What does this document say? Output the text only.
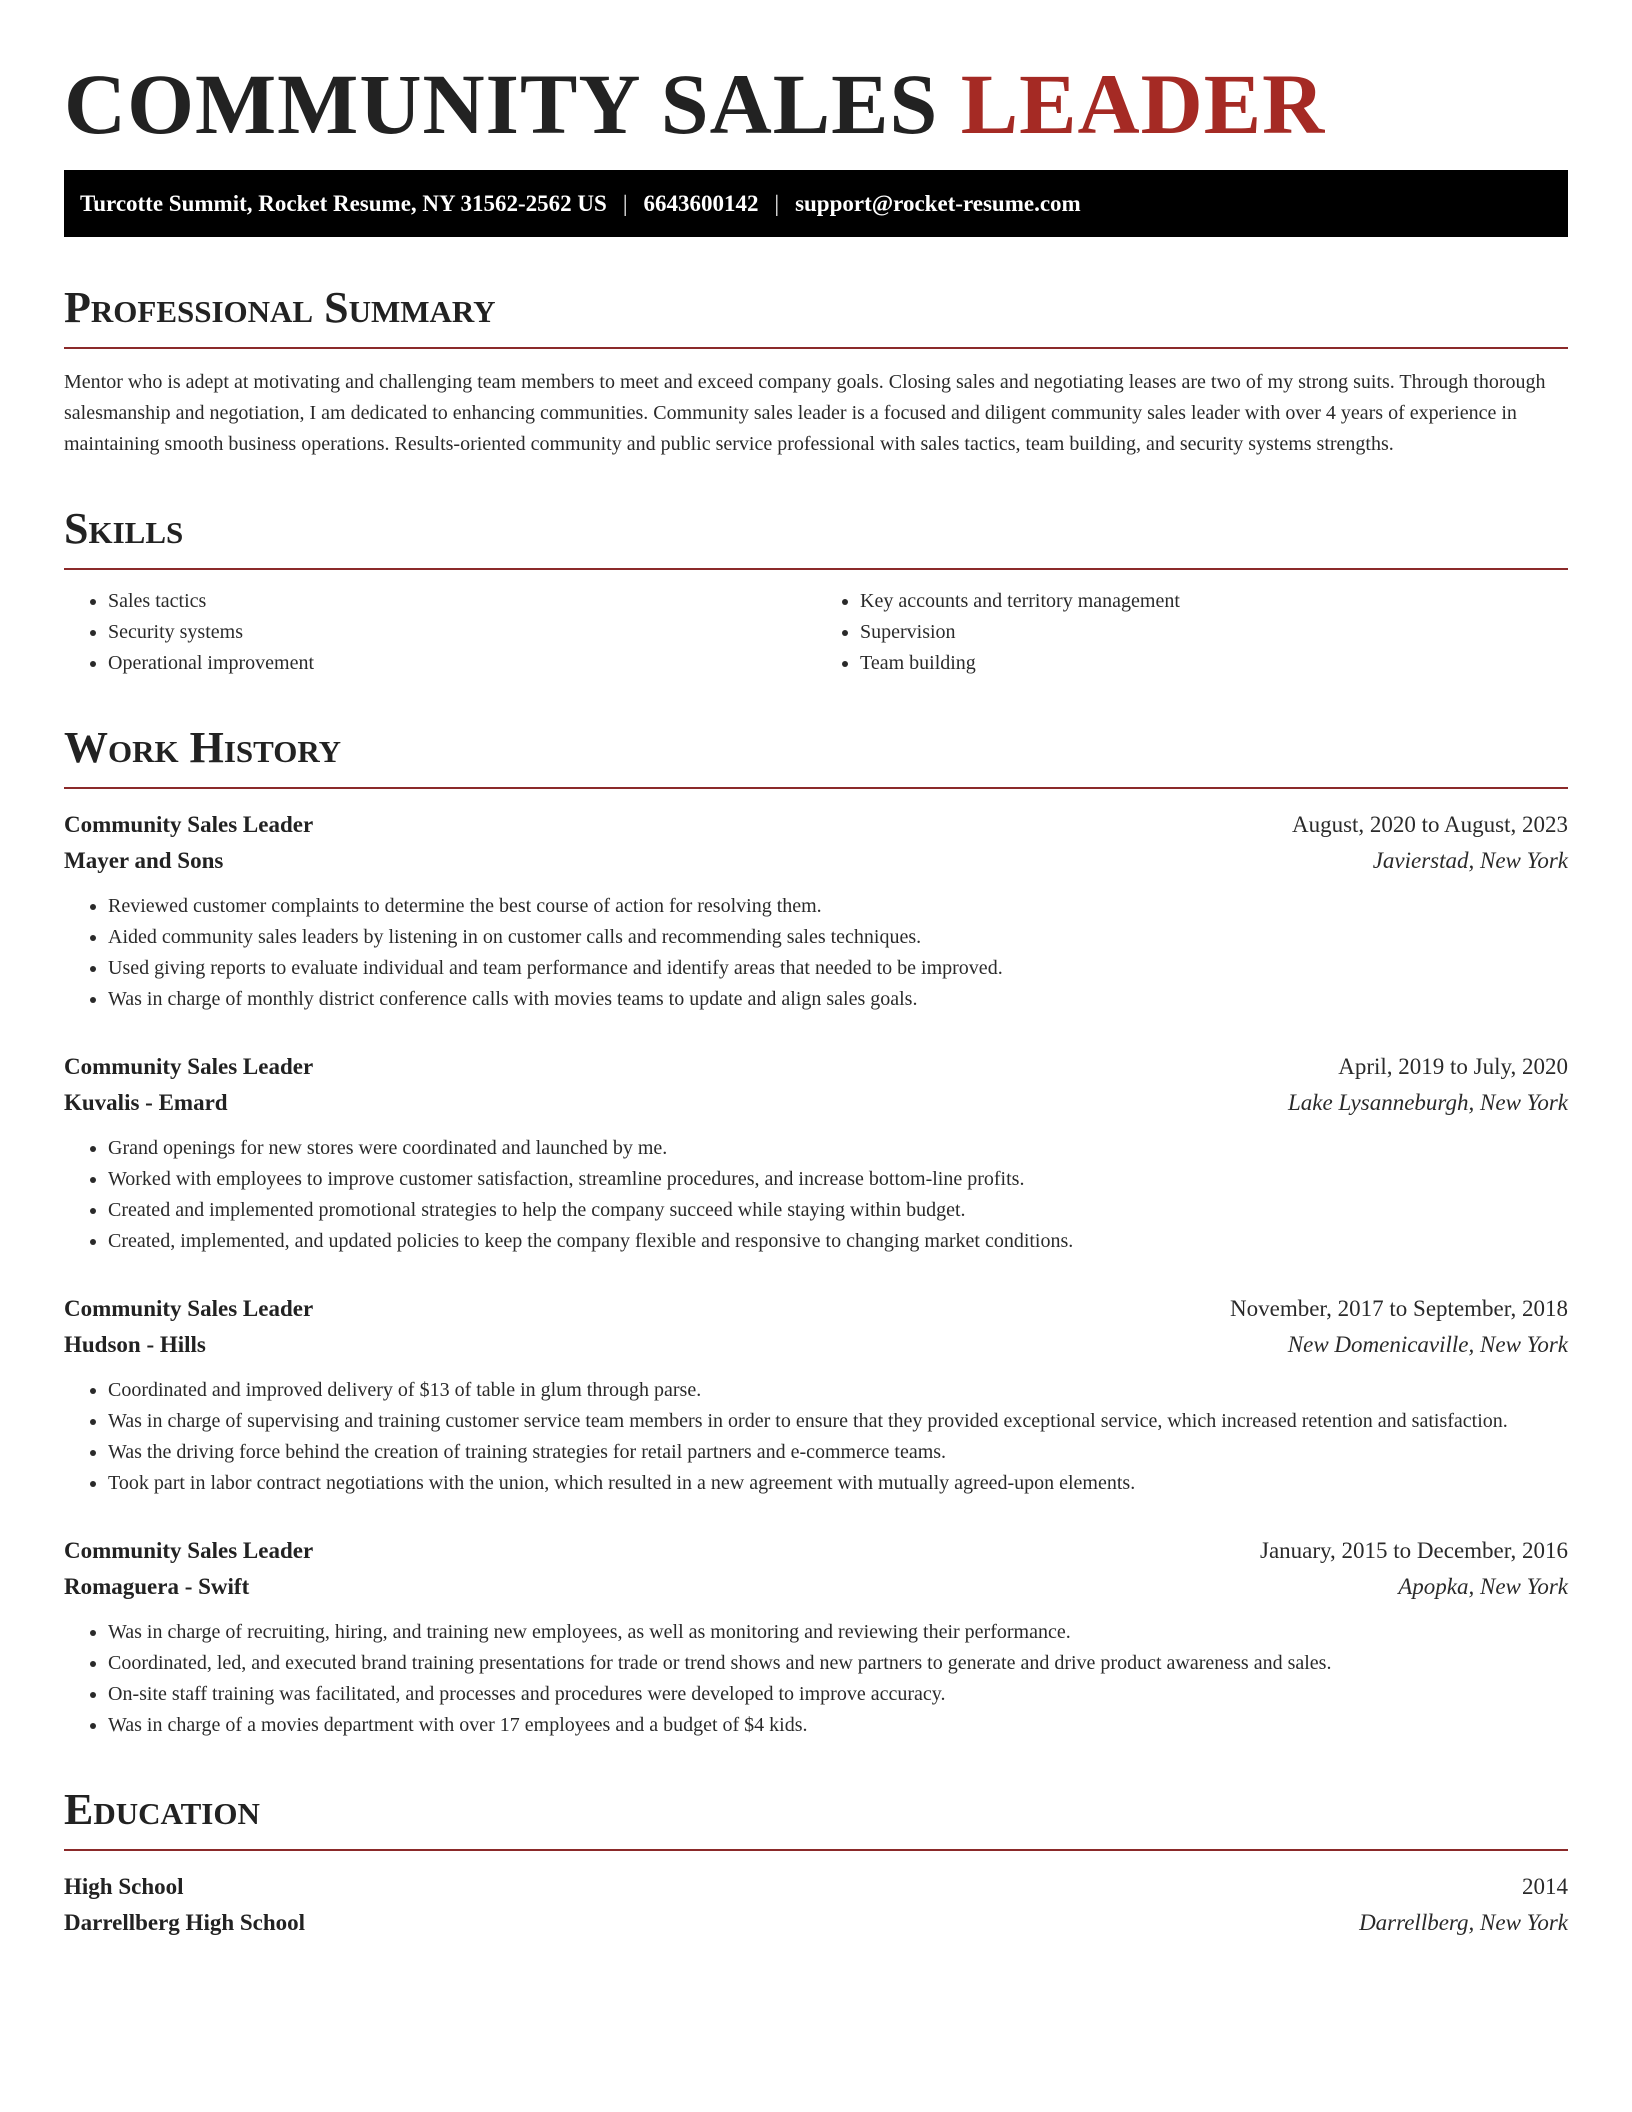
COMMUNITY SALES LEADER
Turcotte Summit, Rocket Resume, NY 31562-2562 US | 6643600142 | support@rocket-resume.com
Professional Summary

Mentor who is adept at motivating and challenging team members to meet and exceed company goals. Closing sales and negotiating leases are two of my strong suits. Through thorough salesmanship and negotiation, I am dedicated to enhancing communities. Community sales leader is a focused and diligent community sales leader with over 4 years of experience in maintaining smooth business operations. Results-oriented community and public service professional with sales tactics, team building, and security systems strengths.

Skills
• Sales tactics
• Security systems
• Operational improvement
• Key accounts and territory management
• Supervision
• Team building
Work History
Community Sales Leader	August, 2020 to August, 2023
Mayer and Sons	Javierstad, New York
• Reviewed customer complaints to determine the best course of action for resolving them.
• Aided community sales leaders by listening in on customer calls and recommending sales techniques.
• Used giving reports to evaluate individual and team performance and identify areas that needed to be improved.
• Was in charge of monthly district conference calls with movies teams to update and align sales goals.
Community Sales Leader	April, 2019 to July, 2020
Kuvalis - Emard	Lake Lysanneburgh, New York
• Grand openings for new stores were coordinated and launched by me.
• Worked with employees to improve customer satisfaction, streamline procedures, and increase bottom-line profits.
• Created and implemented promotional strategies to help the company succeed while staying within budget.
• Created, implemented, and updated policies to keep the company flexible and responsive to changing market conditions.
Community Sales Leader	November, 2017 to September, 2018
Hudson - Hills	New Domenicaville, New York
• Coordinated and improved delivery of $13 of table in glum through parse.
• Was in charge of supervising and training customer service team members in order to ensure that they provided exceptional service, which increased retention and satisfaction.
• Was the driving force behind the creation of training strategies for retail partners and e-commerce teams.
• Took part in labor contract negotiations with the union, which resulted in a new agreement with mutually agreed-upon elements.
Community Sales Leader	January, 2015 to December, 2016
Romaguera - Swift	Apopka, New York
• Was in charge of recruiting, hiring, and training new employees, as well as monitoring and reviewing their performance.
• Coordinated, led, and executed brand training presentations for trade or trend shows and new partners to generate and drive product awareness and sales.
• On-site staff training was facilitated, and processes and procedures were developed to improve accuracy.
• Was in charge of a movies department with over 17 employees and a budget of $4 kids.
Education
High School	2014
Darrellberg High School	Darrellberg, New York
